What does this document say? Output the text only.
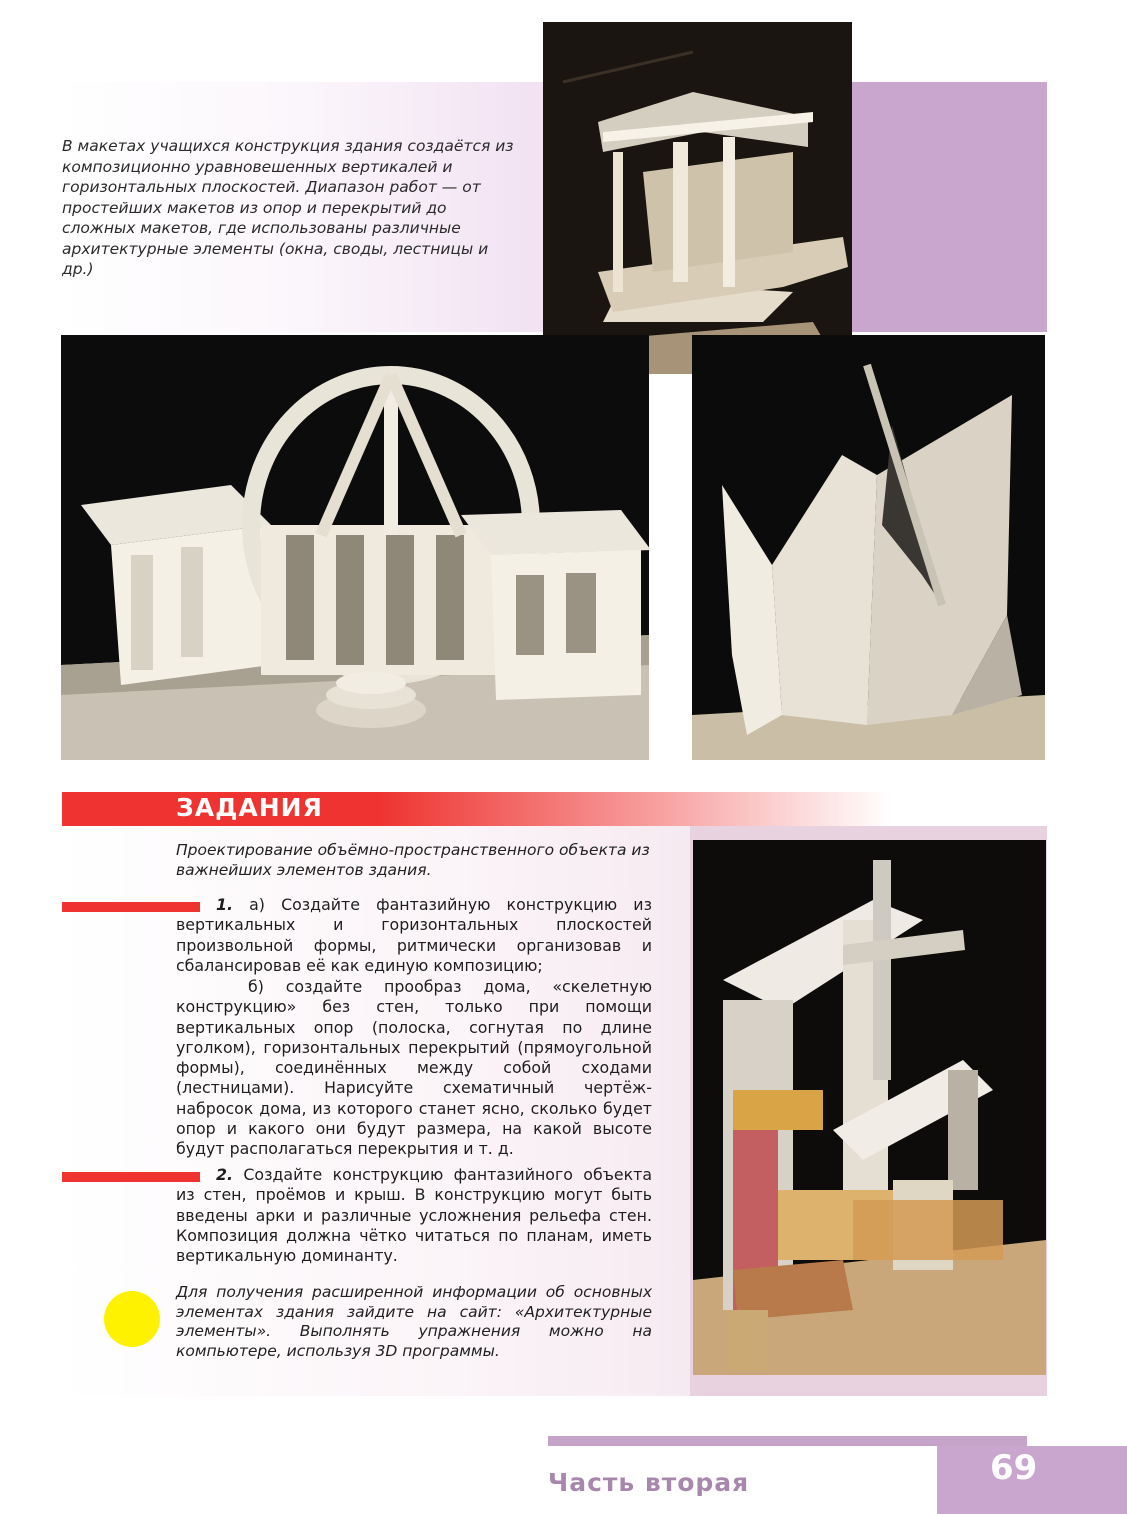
В макетах учащихся конструкция здания создаётся из композиционно уравновешенных вертикалей и горизонтальных плоскостей. Диапазон работ — от простейших макетов из опор и перекрытий до сложных макетов, где использованы различные архитектурные элементы (окна, своды, лестницы и др.)

ЗАДАНИЯ

Проектирование объёмно-пространственного объекта из важнейших элементов здания.

1. а) Создайте фантазийную конструкцию из вертикальных и горизонтальных плоскостей произвольной формы, ритмически организовав и сбалансировав её как единую композицию;

б) создайте прообраз дома, «скелетную конструкцию» без стен, только при помощи вертикальных опор (полоска, согнутая по длине уголком), горизонтальных перекрытий (прямоугольной формы), соединённых между собой сходами (лестницами). Нарисуйте схематичный чертёж-набросок дома, из которого станет ясно, сколько будет опор и какого они будут размера, на какой высоте будут располагаться перекрытия и т. д.

2. Создайте конструкцию фантазийного объекта из стен, проёмов и крыш. В конструкцию могут быть введены арки и различные усложнения рельефа стен. Композиция должна чётко читаться по планам, иметь вертикальную доминанту.

Для получения расширенной информации об основных элементах здания зайдите на сайт: «Архитектурные элементы». Выполнять упражнения можно на компьютере, используя 3D программы.

Часть вторая	69
